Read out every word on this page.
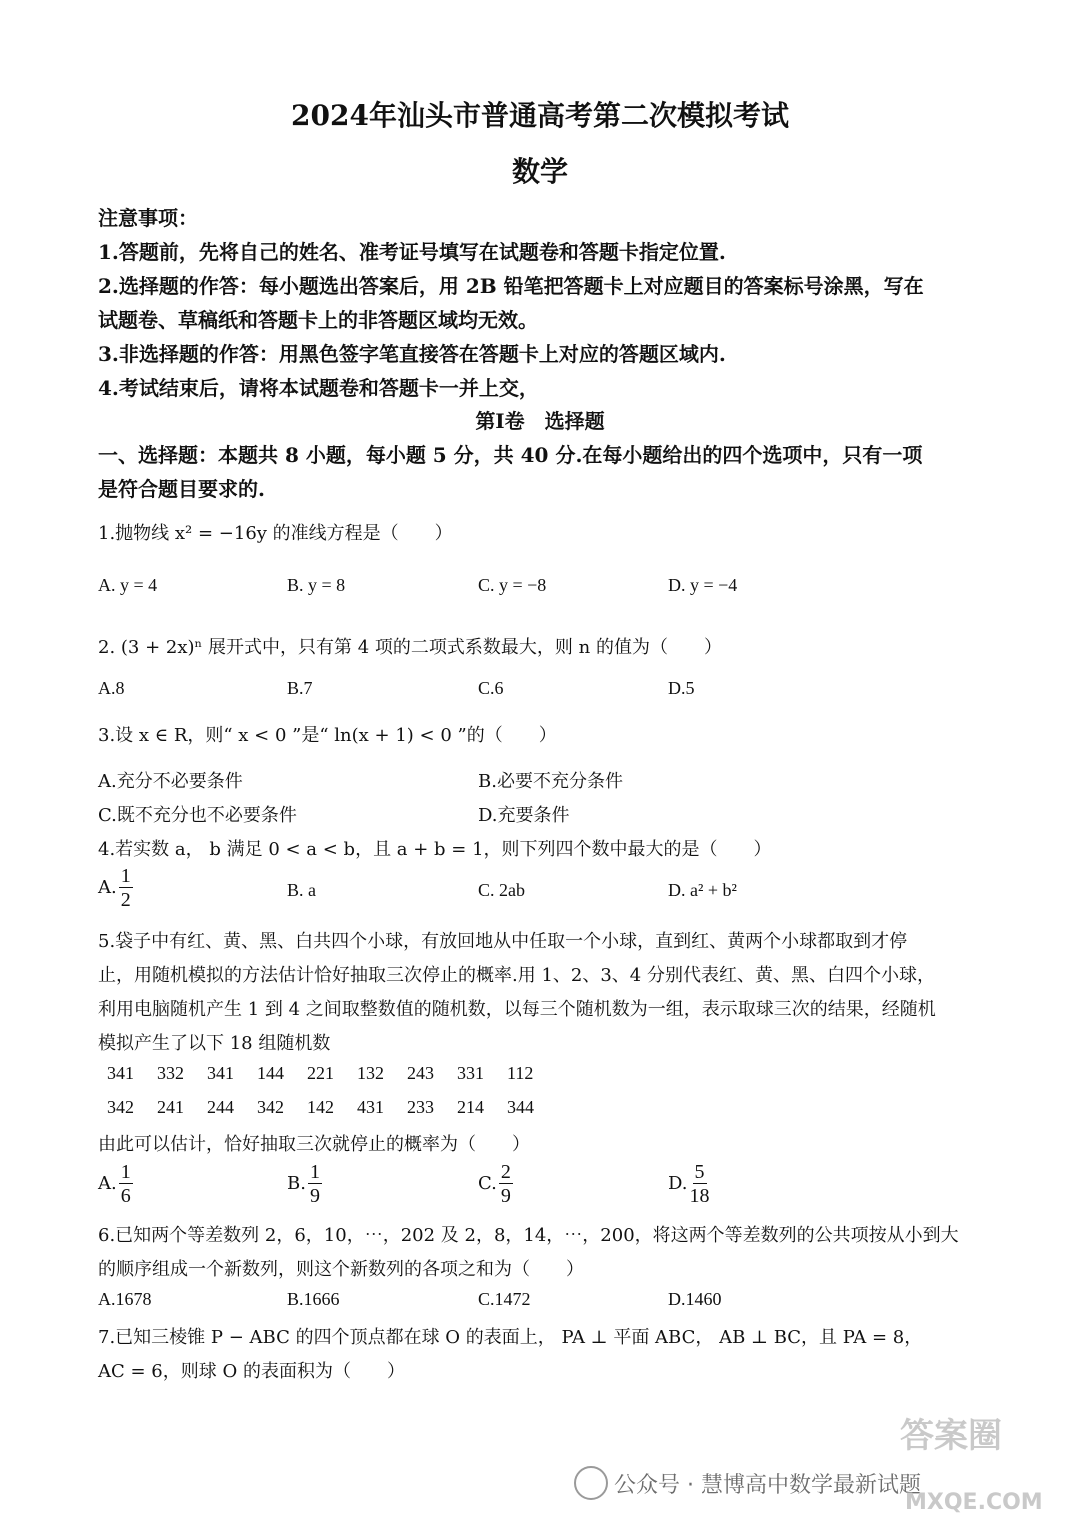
2024年汕头市普通高考第二次模拟考试
数学
注意事项：
1.答题前，先将自己的姓名、准考证号填写在试题卷和答题卡指定位置.
2.选择题的作答：每小题选出答案后，用 2B 铅笔把答题卡上对应题目的答案标号涂黑，写在
试题卷、草稿纸和答题卡上的非答题区域均无效。
3.非选择题的作答：用黑色签字笔直接答在答题卡上对应的答题区域内.
4.考试结束后，请将本试题卷和答题卡一并上交，
第Ⅰ卷　选择题
一、选择题：本题共 8 小题，每小题 5 分，共 40 分.在每小题给出的四个选项中，只有一项
是符合题目要求的.
1.抛物线 x² = −16y 的准线方程是（　　）
A. y = 4	B. y = 8	C. y = −8	D. y = −4
2. (3 + 2x)ⁿ 展开式中，只有第 4 项的二项式系数最大，则 n 的值为（　　）
A.8	B.7	C.6	D.5
3.设 x ∈ R，则“ x < 0 ”是“ ln(x + 1) < 0 ”的（　　）
A.充分不必要条件	B.必要不充分条件
C.既不充分也不必要条件	D.充要条件
4.若实数 a， b 满足 0 < a < b，且 a + b = 1，则下列四个数中最大的是（　　）
A. $\frac{1}{2}$	B. a	C. 2ab	D. a² + b²
5.袋子中有红、黄、黑、白共四个小球，有放回地从中任取一个小球，直到红、黄两个小球都取到才停
止，用随机模拟的方法估计恰好抽取三次停止的概率.用 1、2、3、4 分别代表红、黄、黑、白四个小球，
利用电脑随机产生 1 到 4 之间取整数值的随机数，以每三个随机数为一组，表示取球三次的结果，经随机
模拟产生了以下 18 组随机数
341 332 341 144 221 132 243 331 112
342 241 244 342 142 431 233 214 344
由此可以估计，恰好抽取三次就停止的概率为（　　）
A. $\frac{1}{6}$	B. $\frac{1}{9}$	C. $\frac{2}{9}$	D. $\frac{5}{18}$
6.已知两个等差数列 2，6，10，⋯，202 及 2，8，14，⋯，200，将这两个等差数列的公共项按从小到大
的顺序组成一个新数列，则这个新数列的各项之和为（　　）
A.1678	B.1666	C.1472	D.1460
7.已知三棱锥 P − ABC 的四个顶点都在球 O 的表面上， PA ⊥ 平面 ABC， AB ⊥ BC，且 PA = 8，
AC = 6，则球 O 的表面积为（　　）
公众号 · 慧博高中数学最新试题
答案圈
MXQE.COM
